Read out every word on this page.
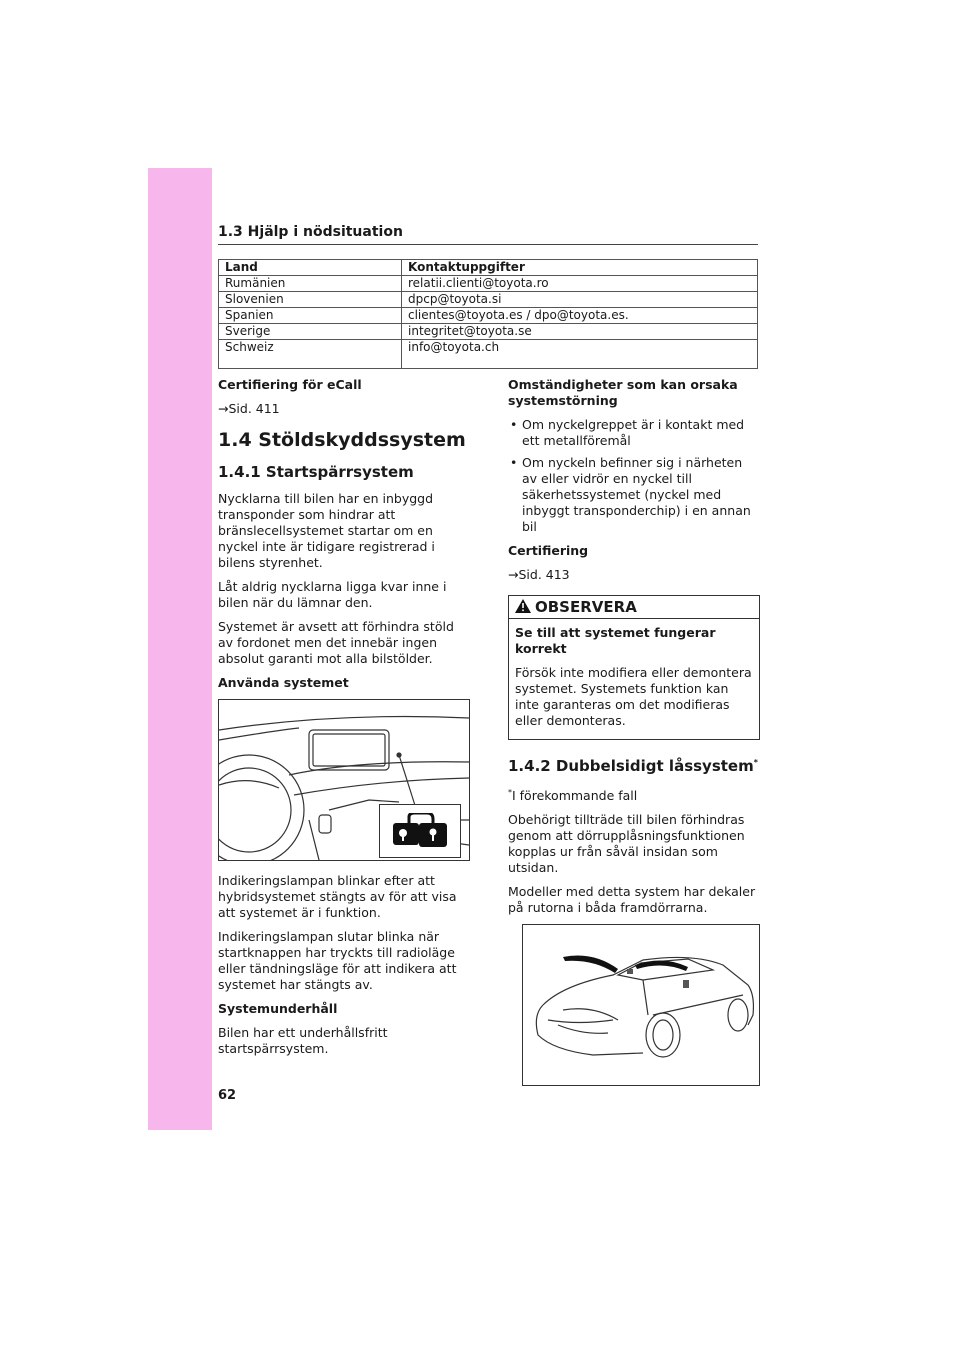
1.3 Hjälp i nödsituation
Land	Kontaktuppgifter
Rumänien	relatii.clienti@toyota.ro
Slovenien	dpcp@toyota.si
Spanien	clientes@toyota.es / dpo@toyota.es.
Sverige	integritet@toyota.se
Schweiz	info@toyota.ch

Certifiering för eCall

→Sid. 411

1.4 Stöldskyddssystem
1.4.1 Startspärrsystem

Nycklarna till bilen har en inbyggd transponder som hindrar att bränslecellsystemet startar om en nyckel inte är tidigare registrerad i bilens styrenhet.

Låt aldrig nycklarna ligga kvar inne i bilen när du lämnar den.

Systemet är avsett att förhindra stöld av fordonet men det innebär ingen absolut garanti mot alla bilstölder.

Använda systemet

Indikeringslampan blinkar efter att hybridsystemet stängts av för att visa att systemet är i funktion.

Indikeringslampan slutar blinka när startknappen har tryckts till radioläge eller tändningsläge för att indikera att systemet har stängts av.

Systemunderhåll

Bilen har ett underhållsfritt startspärrsystem.

Omständigheter som kan orsaka systemstörning

• Om nyckelgreppet är i kontakt med ett metallföremål
• Om nyckeln befinner sig i närheten av eller vidrör en nyckel till säkerhetssystemet (nyckel med inbyggt transponderchip) i en annan bil

Certifiering

→Sid. 413

OBSERVERA

Se till att systemet fungerar korrekt

Försök inte modifiera eller demontera systemet. Systemets funktion kan inte garanteras om det modifieras eller demonteras.

1.4.2 Dubbelsidigt låssystem*

*I förekommande fall

Obehörigt tillträde till bilen förhindras genom att dörrupplåsningsfunktionen kopplas ur från såväl insidan som utsidan.

Modeller med detta system har dekaler på rutorna i båda framdörrarna.

62
